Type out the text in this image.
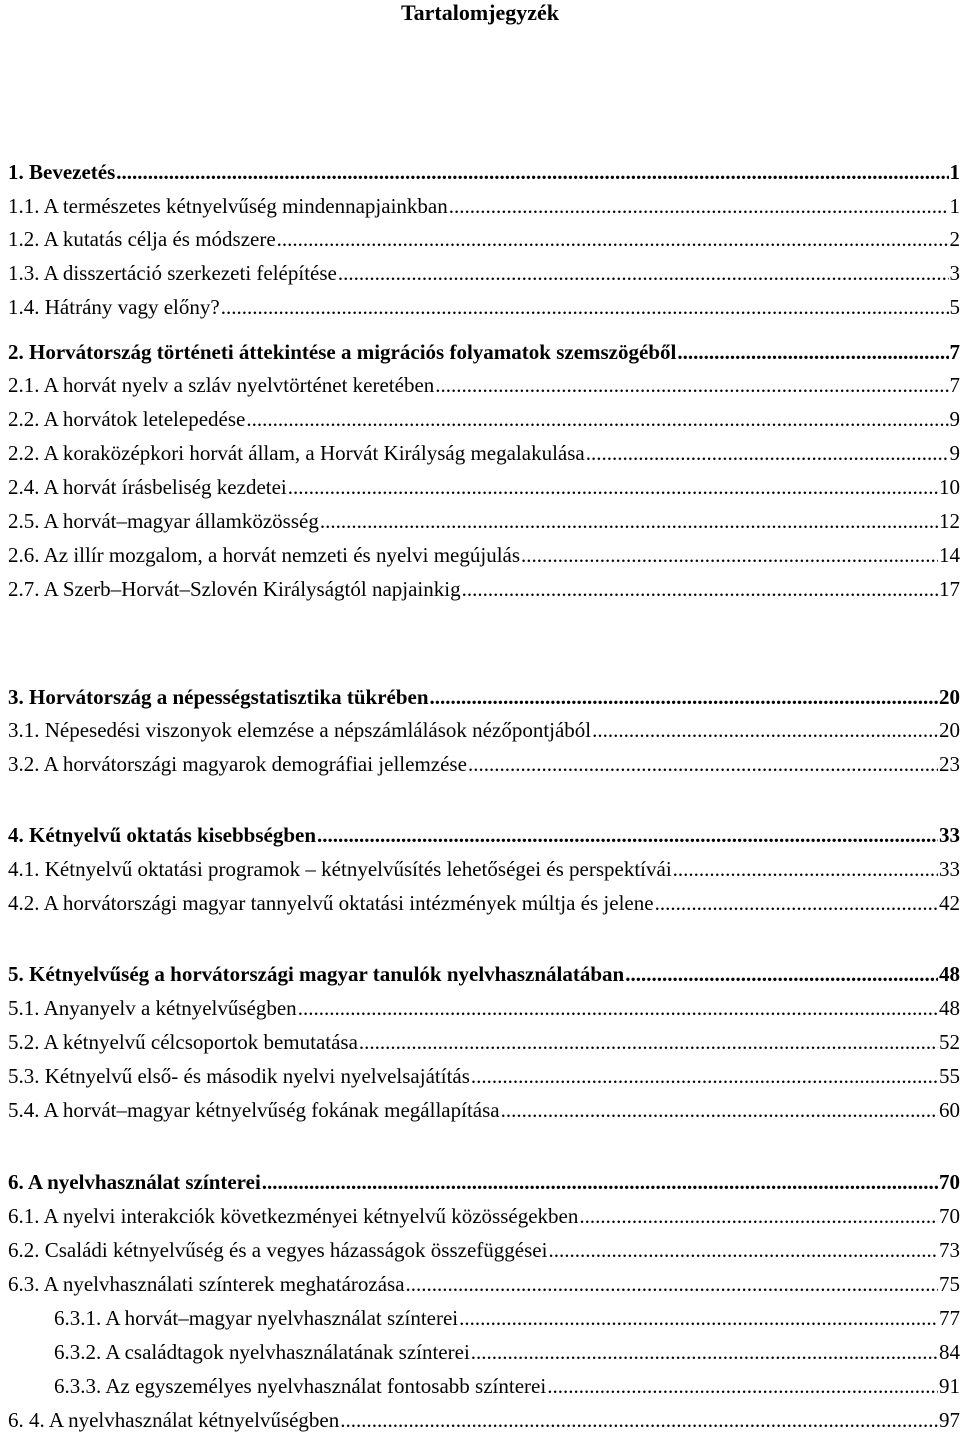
Tartalomjegyzék
1. Bevezetés .....	1
1.1. A természetes kétnyelvűség mindennapjainkban .....	1
1.2. A kutatás célja és módszere .....	2
1.3. A disszertáció szerkezeti felépítése .....	3
1.4. Hátrány vagy előny? .....	5
2. Horvátország történeti áttekintése a migrációs folyamatok szemszögéből .....	7
2.1. A horvát nyelv a szláv nyelvtörténet keretében .....	7
2.2. A horvátok letelepedése .....	9
2.2. A koraközépkori horvát állam, a Horvát Királyság megalakulása .....	9
2.4. A horvát írásbeliség kezdetei .....	10
2.5. A horvát–magyar államközösség .....	12
2.6. Az illír mozgalom, a horvát nemzeti és nyelvi megújulás .....	14
2.7. A Szerb–Horvát–Szlovén Királyságtól napjainkig .....	17
3. Horvátország a népességstatisztika tükrében .....	20
3.1. Népesedési viszonyok elemzése a népszámlálások nézőpontjából .....	20
3.2. A horvátországi magyarok demográfiai jellemzése .....	23
4. Kétnyelvű oktatás kisebbségben .....	33
4.1. Kétnyelvű oktatási programok – kétnyelvűsítés lehetőségei és perspektívái .....	33
4.2. A horvátországi magyar tannyelvű oktatási intézmények múltja és jelene .....	42
5. Kétnyelvűség a horvátországi magyar tanulók nyelvhasználatában .....	48
5.1. Anyanyelv a kétnyelvűségben .....	48
5.2. A kétnyelvű célcsoportok bemutatása .....	52
5.3. Kétnyelvű első- és második nyelvi nyelvelsajátítás .....	55
5.4. A horvát–magyar kétnyelvűség fokának megállapítása .....	60
6. A nyelvhasználat színterei .....	70
6.1. A nyelvi interakciók következményei kétnyelvű közösségekben .....	70
6.2. Családi kétnyelvűség és a vegyes házasságok összefüggései .....	73
6.3. A nyelvhasználati színterek meghatározása .....	75
6.3.1. A horvát–magyar nyelvhasználat színterei .....	77
6.3.2. A családtagok nyelvhasználatának színterei .....	84
6.3.3. Az egyszemélyes nyelvhasználat fontosabb színterei .....	91
6. 4. A nyelvhasználat kétnyelvűségben .....	97
